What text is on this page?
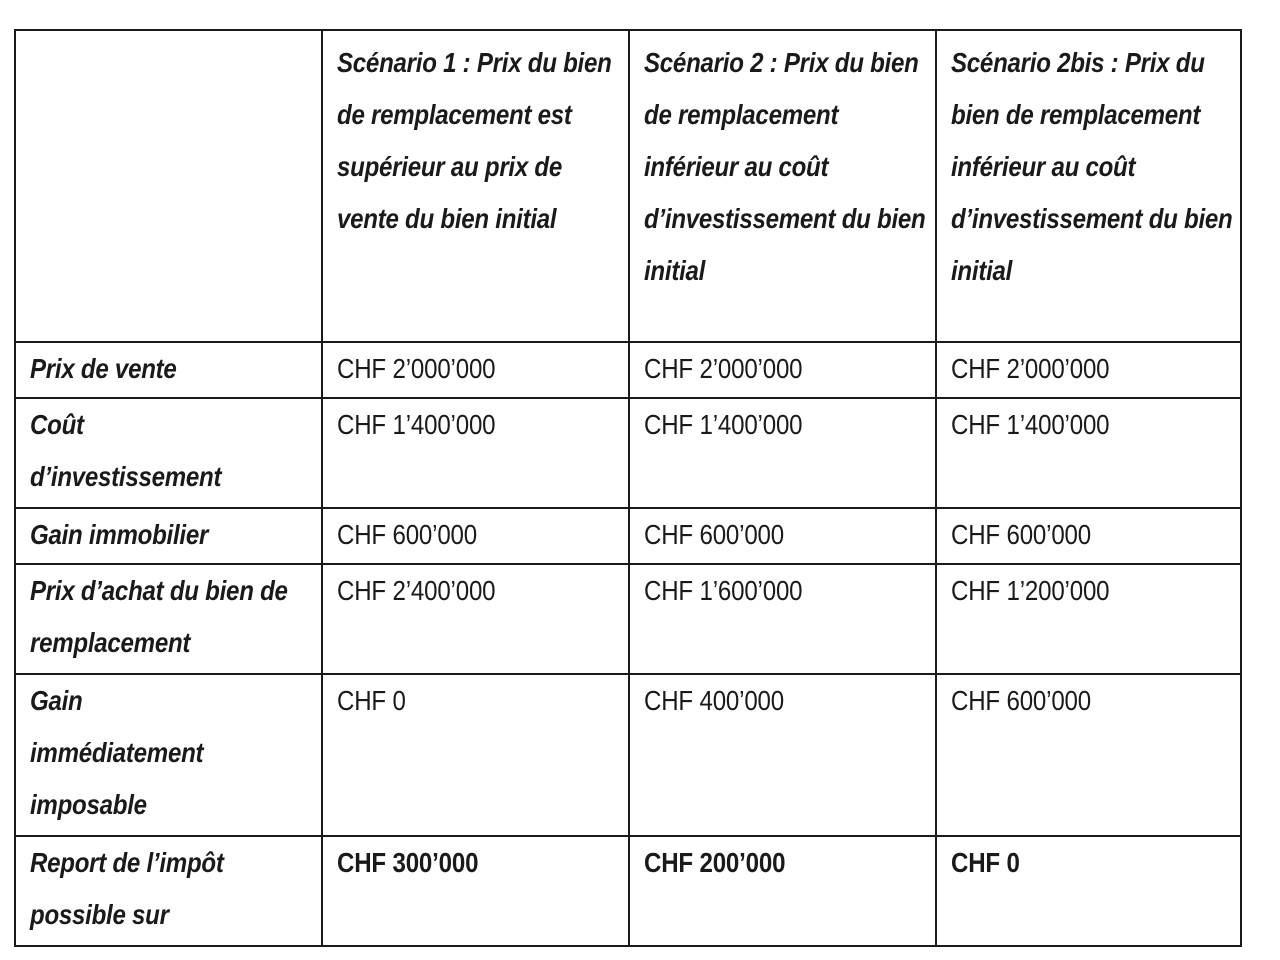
	Scénario 1 : Prix du bien de remplacement est supérieur au prix de vente du bien initial	Scénario 2 : Prix du bien de remplacement inférieur au coût d’investissement du bien initial	Scénario 2bis : Prix du bien de remplacement inférieur au coût d’investissement du bien initial
Prix de vente	CHF 2’000’000	CHF 2’000’000	CHF 2’000’000
Coût d’investissement	CHF 1’400’000	CHF 1’400’000	CHF 1’400’000
Gain immobilier	CHF 600’000	CHF 600’000	CHF 600’000
Prix d’achat du bien de remplacement	CHF 2’400’000	CHF 1’600’000	CHF 1’200’000
Gain immédiatement imposable	CHF 0	CHF 400’000	CHF 600’000
Report de l’impôt possible sur	CHF 300’000	CHF 200’000	CHF 0
